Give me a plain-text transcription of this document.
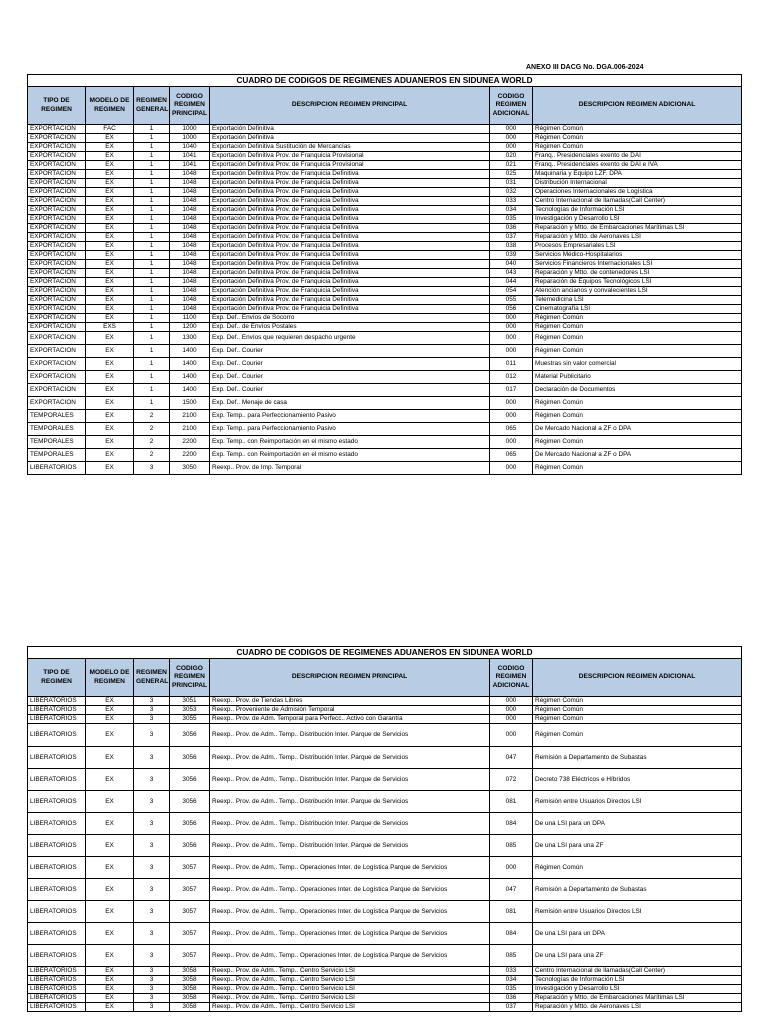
ANEXO III DACG No. DGA.006-2024
CUADRO DE CODIGOS DE REGIMENES ADUANEROS EN SIDUNEA WORLD
TIPO DE REGIMEN	MODELO DE REGIMEN	REGIMEN GENERAL	CODIGO REGIMEN PRINCIPAL	DESCRIPCION REGIMEN PRINCIPAL	CODIGO REGIMEN ADICIONAL	DESCRIPCION REGIMEN ADICIONAL
EXPORTACION	FAC	1	1000	Exportación Definitiva	000	Régimen Común
EXPORTACION	EX	1	1000	Exportación Definitiva	000	Régimen Común
EXPORTACION	EX	1	1040	Exportación Definitiva Sustitución de Mercancías	000	Régimen Común
EXPORTACION	EX	1	1041	Exportación Definitiva Prov. de Franquicia Provisional	020	Franq.. Presidenciales exento de DAI
EXPORTACION	EX	1	1041	Exportación Definitiva Prov. de Franquicia Provisional	021	Franq.. Presidenciales exento de DAI e IVA
EXPORTACION	EX	1	1048	Exportación Definitiva Prov. de Franquicia Definitiva	025	Maquinaria y Equipo LZF. DPA
EXPORTACION	EX	1	1048	Exportación Definitiva Prov. de Franquicia Definitiva	031	Distribución Internacional
EXPORTACION	EX	1	1048	Exportación Definitiva Prov. de Franquicia Definitiva	032	Operaciones Internacionales de Logística
EXPORTACION	EX	1	1048	Exportación Definitiva Prov. de Franquicia Definitiva	033	Centro Internacional de llamadas(Call Center)
EXPORTACION	EX	1	1048	Exportación Definitiva Prov. de Franquicia Definitiva	034	Tecnologías de Información LSI
EXPORTACION	EX	1	1048	Exportación Definitiva Prov. de Franquicia Definitiva	035	Investigación y Desarrollo LSI
EXPORTACION	EX	1	1048	Exportación Definitiva Prov. de Franquicia Definitiva	036	Reparación y Mtto. de Embarcaciones Marítimas LSI
EXPORTACION	EX	1	1048	Exportación Definitiva Prov. de Franquicia Definitiva	037	Reparación y Mtto. de Aeronaves LSI
EXPORTACION	EX	1	1048	Exportación Definitiva Prov. de Franquicia Definitiva	038	Procesos Empresariales LSI
EXPORTACION	EX	1	1048	Exportación Definitiva Prov. de Franquicia Definitiva	039	Servicios Médico-Hospitalarios
EXPORTACION	EX	1	1048	Exportación Definitiva Prov. de Franquicia Definitiva	040	Servicios Financieros Internacionales LSI
EXPORTACION	EX	1	1048	Exportación Definitiva Prov. de Franquicia Definitiva	043	Reparación y Mtto. de contenedores LSI
EXPORTACION	EX	1	1048	Exportación Definitiva Prov. de Franquicia Definitiva	044	Reparación de Equipos Tecnológicos LSI
EXPORTACION	EX	1	1048	Exportación Definitiva Prov. de Franquicia Definitiva	054	Atención ancianos y convalecientes LSI
EXPORTACION	EX	1	1048	Exportación Definitiva Prov. de Franquicia Definitiva	055	Telemedicina LSI
EXPORTACION	EX	1	1048	Exportación Definitiva Prov. de Franquicia Definitiva	056	Cinematografía LSI
EXPORTACION	EX	1	1100	Exp. Def.. Envíos de Socorro	000	Régimen Común
EXPORTACION	EXS	1	1200	Exp. Def.. de Envíos Postales	000	Régimen Común
EXPORTACION	EX	1	1300	Exp. Def.. Envíos que requieren despacho urgente	000	Régimen Común
EXPORTACION	EX	1	1400	Exp. Def.. Courier	000	Régimen Común
EXPORTACION	EX	1	1400	Exp. Def.. Courier	011	Muestras sin valor comercial
EXPORTACION	EX	1	1400	Exp. Def.. Courier	012	Material Publicitario
EXPORTACION	EX	1	1400	Exp. Def.. Courier	017	Declaración de Documentos
EXPORTACION	EX	1	1500	Exp. Def.. Menaje de casa	000	Régimen Común
TEMPORALES	EX	2	2100	Exp. Temp.. para Perfeccionamiento Pasivo	000	Régimen Común
TEMPORALES	EX	2	2100	Exp. Temp.. para Perfeccionamiento Pasivo	065	De Mercado Nacional a ZF o DPA
TEMPORALES	EX	2	2200	Exp. Temp.. con Reimportación en el mismo estado	000	Régimen Común
TEMPORALES	EX	2	2200	Exp. Temp.. con Reimportación en el mismo estado	065	De Mercado Nacional a ZF o DPA
LIBERATORIOS	EX	3	3050	Reexp.. Prov. de Imp. Temporal	000	Régimen Común
CUADRO DE CODIGOS DE REGIMENES ADUANEROS EN SIDUNEA WORLD
TIPO DE REGIMEN	MODELO DE REGIMEN	REGIMEN GENERAL	CODIGO REGIMEN PRINCIPAL	DESCRIPCION REGIMEN PRINCIPAL	CODIGO REGIMEN ADICIONAL	DESCRIPCION REGIMEN ADICIONAL
LIBERATORIOS	EX	3	3051	Reexp.. Prov. de Tiendas Libres	000	Régimen Común
LIBERATORIOS	EX	3	3053	Reexp.. Proveniente de Admisión Temporal	000	Régimen Común
LIBERATORIOS	EX	3	3055	Reexp.. Prov. de Adm. Temporal para Perfecc.. Activo con Garantía	000	Régimen Común
LIBERATORIOS	EX	3	3056	Reexp.. Prov. de Adm.. Temp.. Distribución Inter. Parque de Servicios	000	Régimen Común
LIBERATORIOS	EX	3	3056	Reexp.. Prov. de Adm.. Temp.. Distribución Inter. Parque de Servicios	047	Remisión a Departamento de Subastas
LIBERATORIOS	EX	3	3056	Reexp.. Prov. de Adm.. Temp.. Distribución Inter. Parque de Servicios	072	Decreto 738 Eléctricos e Híbridos
LIBERATORIOS	EX	3	3056	Reexp.. Prov. de Adm.. Temp.. Distribución Inter. Parque de Servicios	081	Remisión entre Usuarios Directos LSI
LIBERATORIOS	EX	3	3056	Reexp.. Prov. de Adm.. Temp.. Distribución Inter. Parque de Servicios	084	De una LSI para un DPA
LIBERATORIOS	EX	3	3056	Reexp.. Prov. de Adm.. Temp.. Distribución Inter. Parque de Servicios	085	De una LSI para una ZF
LIBERATORIOS	EX	3	3057	Reexp.. Prov. de Adm.. Temp.. Operaciones Inter. de Logística Parque de Servicios	000	Régimen Común
LIBERATORIOS	EX	3	3057	Reexp.. Prov. de Adm.. Temp.. Operaciones Inter. de Logística Parque de Servicios	047	Remisión a Departamento de Subastas
LIBERATORIOS	EX	3	3057	Reexp.. Prov. de Adm.. Temp.. Operaciones Inter. de Logística Parque de Servicios	081	Remisión entre Usuarios Directos LSI
LIBERATORIOS	EX	3	3057	Reexp.. Prov. de Adm.. Temp.. Operaciones Inter. de Logística Parque de Servicios	084	De una LSI para un DPA
LIBERATORIOS	EX	3	3057	Reexp.. Prov. de Adm.. Temp.. Operaciones Inter. de Logística Parque de Servicios	085	De una LSI para una ZF
LIBERATORIOS	EX	3	3058	Reexp.. Prov. de Adm.. Temp.. Centro Servicio LSI	033	Centro Internacional de llamadas(Call Center)
LIBERATORIOS	EX	3	3058	Reexp.. Prov. de Adm.. Temp.. Centro Servicio LSI	034	Tecnologías de Información LSI
LIBERATORIOS	EX	3	3058	Reexp.. Prov. de Adm.. Temp.. Centro Servicio LSI	035	Investigación y Desarrollo LSI
LIBERATORIOS	EX	3	3058	Reexp.. Prov. de Adm.. Temp.. Centro Servicio LSI	036	Reparación y Mtto. de Embarcaciones Marítimas LSI
LIBERATORIOS	EX	3	3058	Reexp.. Prov. de Adm.. Temp.. Centro Servicio LSI	037	Reparación y Mtto. de Aeronaves LSI
